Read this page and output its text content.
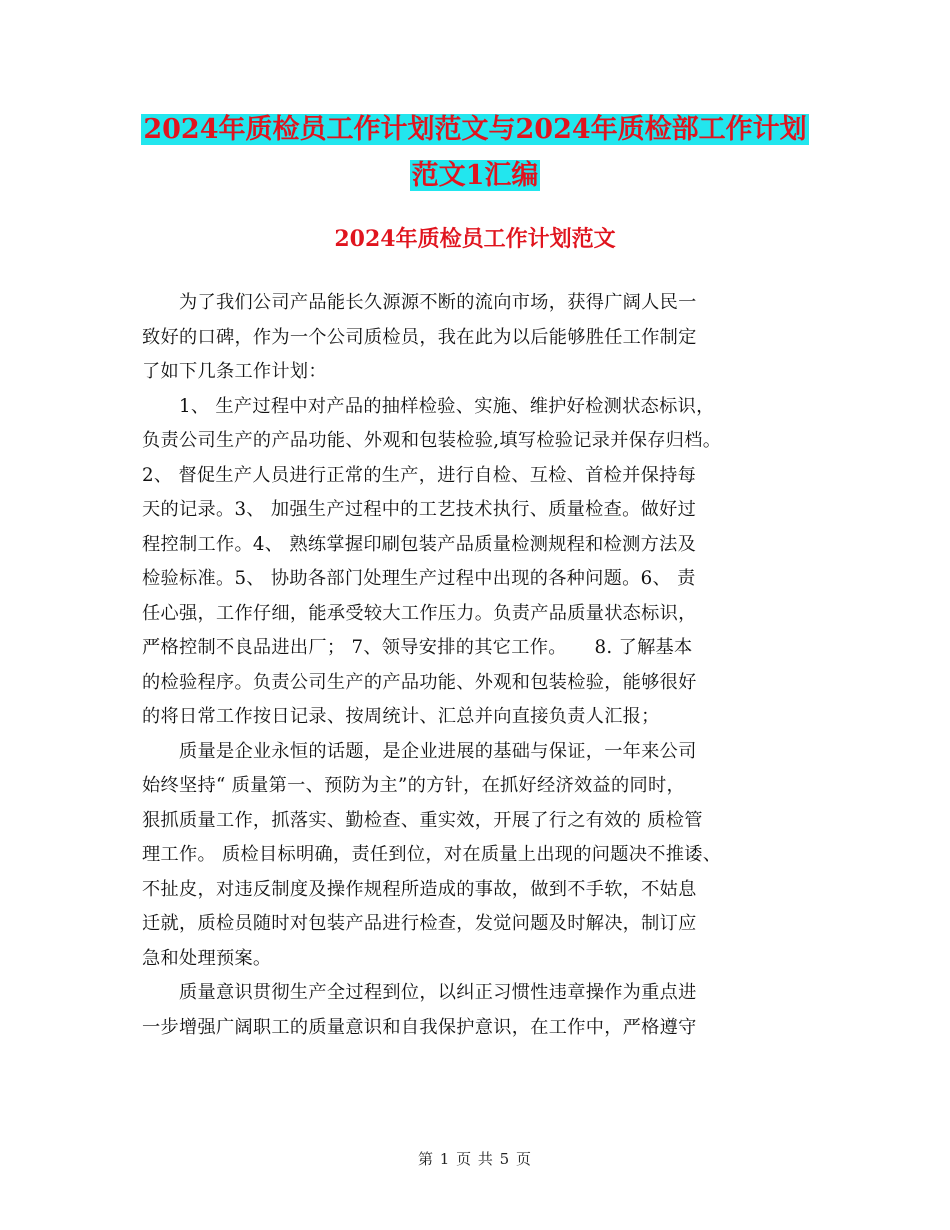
2024年质检员工作计划范文与2024年质检部工作计划
范文1汇编
2024年质检员工作计划范文
　　为了我们公司产品能长久源源不断的流向市场，获得广阔人民一
致好的口碑，作为一个公司质检员，我在此为以后能够胜任工作制定
了如下几条工作计划：
　　1、 生产过程中对产品的抽样检验、实施、维护好检测状态标识，
负责公司生产的产品功能、外观和包装检验,填写检验记录并保存归档。
2、 督促生产人员进行正常的生产，进行自检、互检、首检并保持每
天的记录。3、 加强生产过程中的工艺技术执行、质量检查。做好过
程控制工作。4、 熟练掌握印刷包装产品质量检测规程和检测方法及
检验标准。5、 协助各部门处理生产过程中出现的各种问题。6、 责
任心强，工作仔细，能承受较大工作压力。负责产品质量状态标识，
严格控制不良品进出厂； 7、领导安排的其它工作。　　8. 了解基本
的检验程序。负责公司生产的产品功能、外观和包装检验，能够很好
的将日常工作按日记录、按周统计、汇总并向直接负责人汇报；
　　质量是企业永恒的话题，是企业进展的基础与保证，一年来公司
始终坚持“ 质量第一、预防为主”的方针，在抓好经济效益的同时，
狠抓质量工作，抓落实、勤检查、重实效，开展了行之有效的 质检管
理工作。 质检目标明确，责任到位，对在质量上出现的问题决不推诿、
不扯皮，对违反制度及操作规程所造成的事故，做到不手软，不姑息
迁就，质检员随时对包装产品进行检查，发觉问题及时解决，制订应
急和处理预案。
　　质量意识贯彻生产全过程到位，以纠正习惯性违章操作为重点进
一步增强广阔职工的质量意识和自我保护意识，在工作中，严格遵守
第 1 页 共 5 页
